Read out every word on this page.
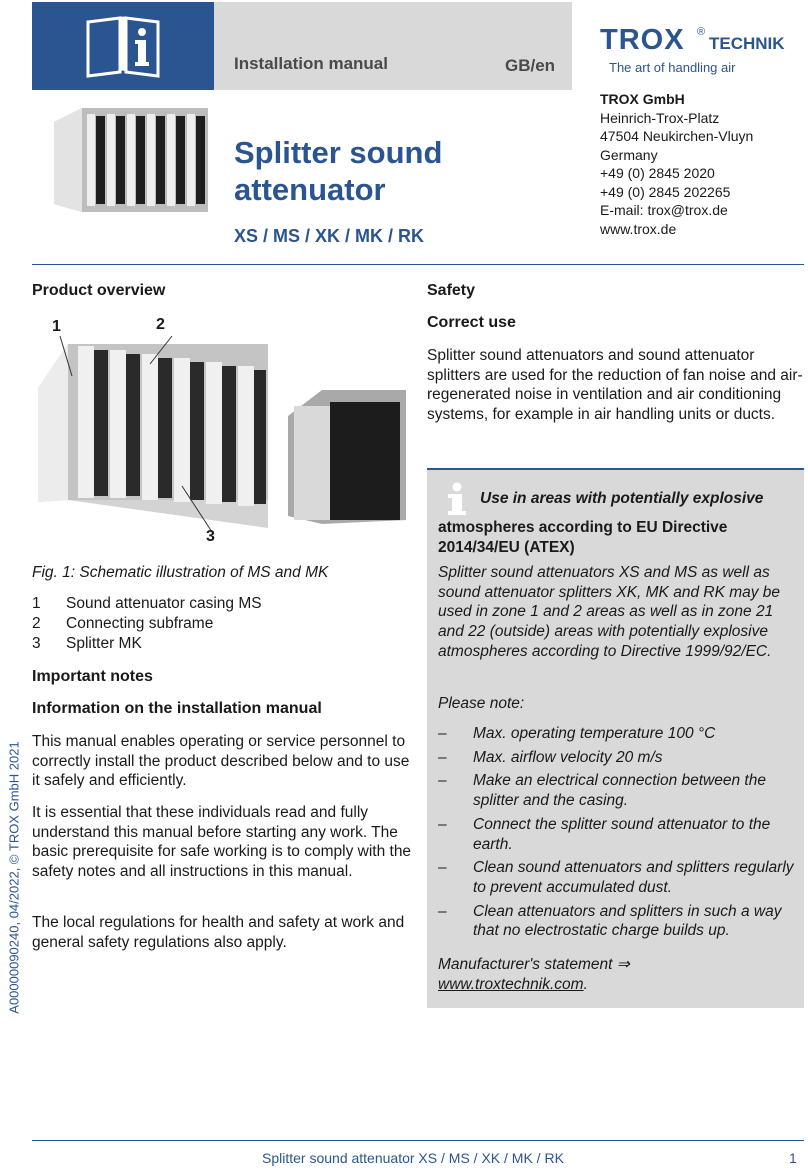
Installation manual	GB/en
TROX ®
TECHNIK
The art of handling air
Splitter sound
attenuator
XS / MS / XK / MK / RK
TROX GmbH
Heinrich-Trox-Platz
47504 Neukirchen-Vluyn
Germany
+49 (0) 2845 2020
+49 (0) 2845 202265
E-mail: trox@trox.de
www.trox.de
Product overview
1	2
3
Fig. 1: Schematic illustration of MS and MK
1 Sound attenuator casing MS
2 Connecting subframe
3 Splitter MK
Important notes
Information on the installation manual
This manual enables operating or service personnel to correctly install the product described below and to use it safely and efficiently.
It is essential that these individuals read and fully understand this manual before starting any work. The basic prerequisite for safe working is to comply with the safety notes and all instructions in this manual.
The local regulations for health and safety at work and general safety regulations also apply.
A00000090240, 04/2022, © TROX GmbH 2021
Safety
Correct use
Splitter sound attenuators and sound attenuator splitters are used for the reduction of fan noise and air-regenerated noise in ventilation and air conditioning systems, for example in air handling units or ducts.
Use in areas with potentially explosive
atmospheres according to EU Directive
2014/34/EU (ATEX)
Splitter sound attenuators XS and MS as well as sound attenuator splitters XK, MK and RK may be used in zone 1 and 2 areas as well as in zone 21 and 22 (outside) areas with potentially explosive atmospheres according to Directive 1999/92/EC.
Please note:
– Max. operating temperature 100 °C
– Max. airflow velocity 20 m/s
– Make an electrical connection between the splitter and the casing.
– Connect the splitter sound attenuator to the earth.
– Clean sound attenuators and splitters regularly to prevent accumulated dust.
– Clean attenuators and splitters in such a way that no electrostatic charge builds up.
Manufacturer's statement ⇒
www.troxtechnik.com.
Splitter sound attenuator XS / MS / XK / MK / RK	1
